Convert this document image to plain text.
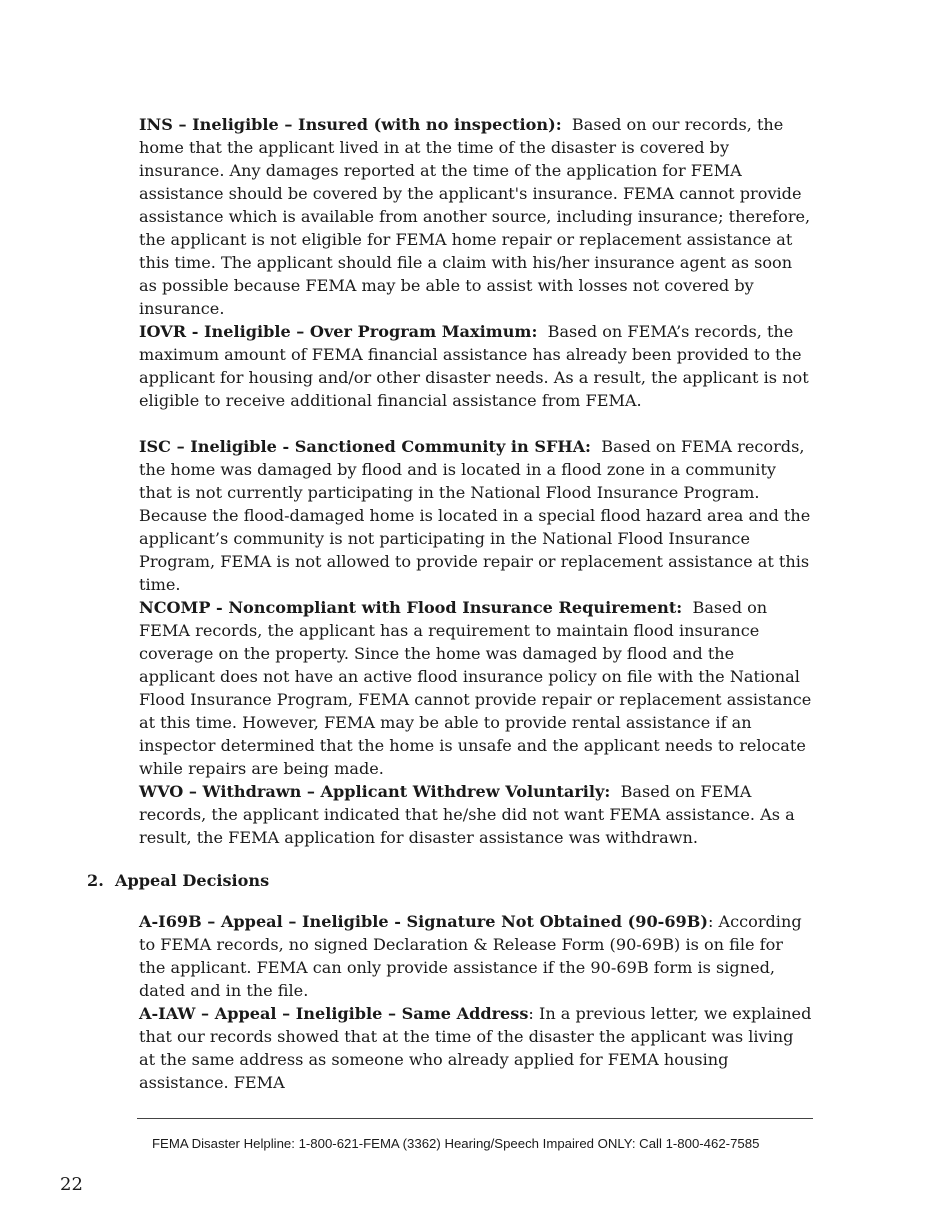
INS – Ineligible – Insured (with no inspection): Based on our records, the home that the applicant lived in at the time of the disaster is covered by insurance. Any damages reported at the time of the application for FEMA assistance should be covered by the applicant's insurance. FEMA cannot provide assistance which is available from another source, including insurance; therefore, the applicant is not eligible for FEMA home repair or replacement assistance at this time. The applicant should file a claim with his/her insurance agent as soon as possible because FEMA may be able to assist with losses not covered by insurance.

IOVR - Ineligible – Over Program Maximum: Based on FEMA’s records, the maximum amount of FEMA financial assistance has already been provided to the applicant for housing and/or other disaster needs. As a result, the applicant is not eligible to receive additional financial assistance from FEMA.

ISC – Ineligible - Sanctioned Community in SFHA: Based on FEMA records, the home was damaged by flood and is located in a flood zone in a community that is not currently participating in the National Flood Insurance Program. Because the flood-damaged home is located in a special flood hazard area and the applicant’s community is not participating in the National Flood Insurance Program, FEMA is not allowed to provide repair or replacement assistance at this time.

NCOMP - Noncompliant with Flood Insurance Requirement: Based on FEMA records, the applicant has a requirement to maintain flood insurance coverage on the property. Since the home was damaged by flood and the applicant does not have an active flood insurance policy on file with the National Flood Insurance Program, FEMA cannot provide repair or replacement assistance at this time. However, FEMA may be able to provide rental assistance if an inspector determined that the home is unsafe and the applicant needs to relocate while repairs are being made.

WVO – Withdrawn – Applicant Withdrew Voluntarily: Based on FEMA records, the applicant indicated that he/she did not want FEMA assistance. As a result, the FEMA application for disaster assistance was withdrawn.

2. Appeal Decisions

A-I69B – Appeal – Ineligible - Signature Not Obtained (90-69B): According to FEMA records, no signed Declaration & Release Form (90-69B) is on file for the applicant. FEMA can only provide assistance if the 90-69B form is signed, dated and in the file.

A-IAW – Appeal – Ineligible – Same Address: In a previous letter, we explained that our records showed that at the time of the disaster the applicant was living at the same address as someone who already applied for FEMA housing assistance. FEMA

FEMA Disaster Helpline: 1-800-621-FEMA (3362) Hearing/Speech Impaired ONLY: Call 1-800-462-7585
22
